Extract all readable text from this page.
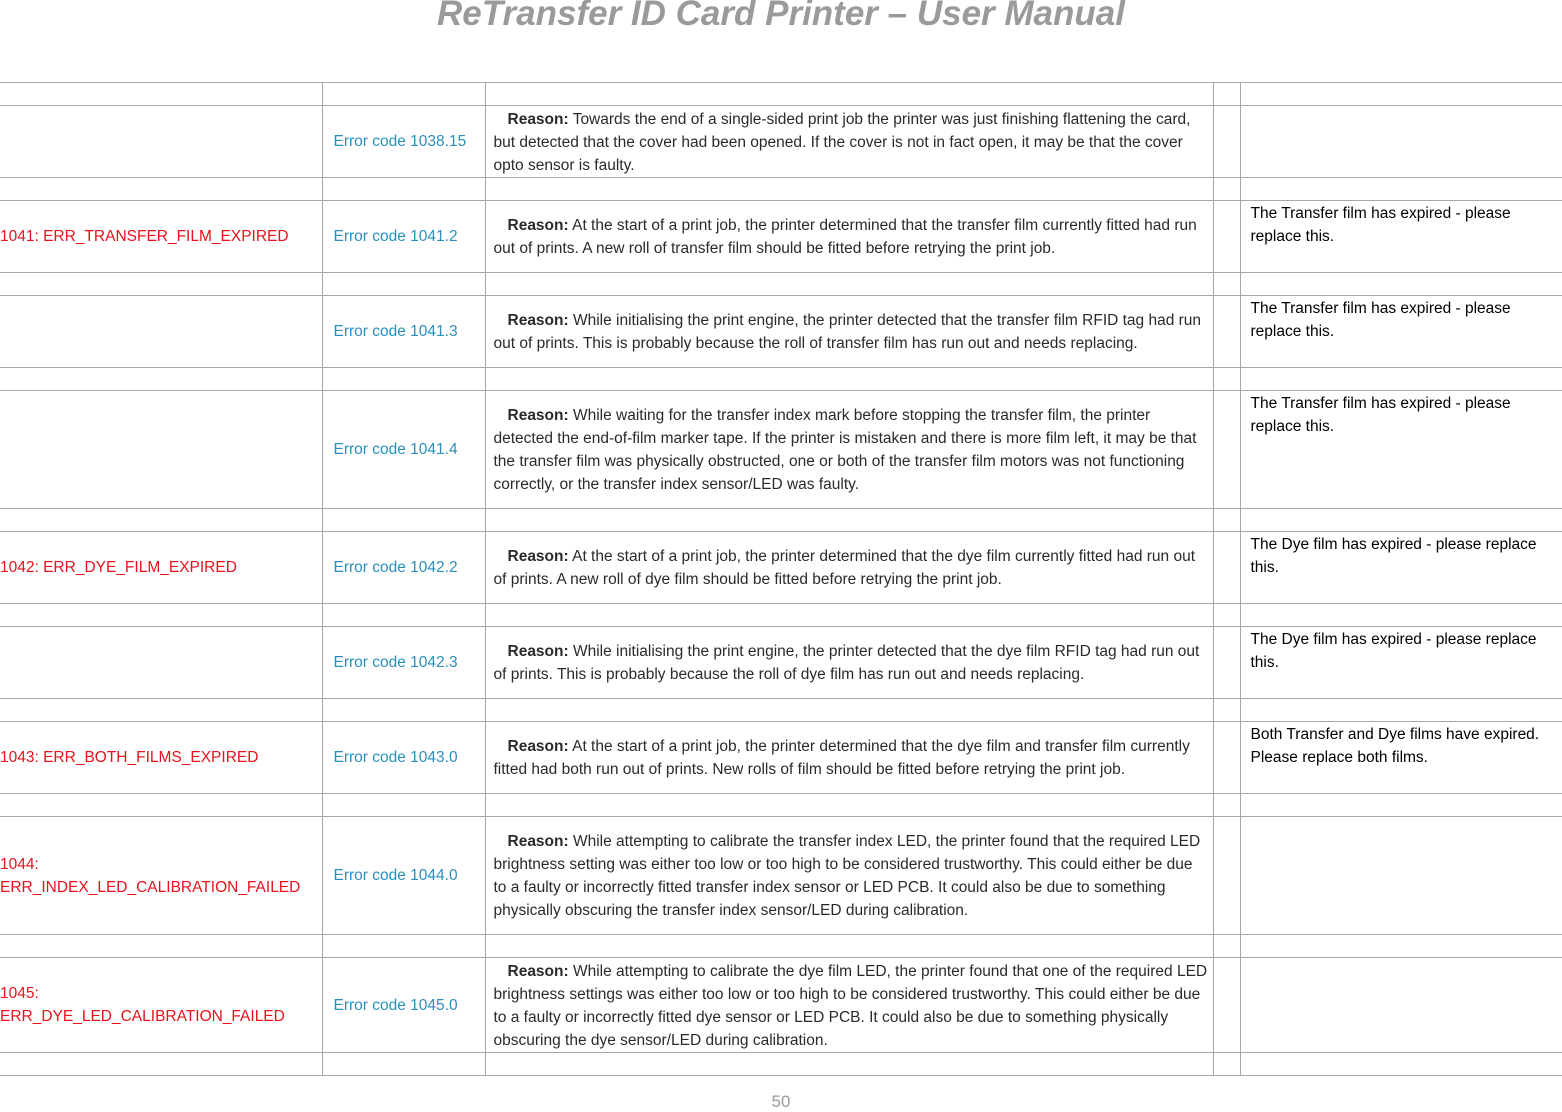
ReTransfer ID Card Printer – User Manual

	Error code 1038.15	Reason: Towards the end of a single-sided print job the printer was just finishing flattening the card, but detected that the cover had been opened. If the cover is not in fact open, it may be that the cover opto sensor is faulty.		

1041: ERR_TRANSFER_FILM_EXPIRED	Error code 1041.2	Reason: At the start of a print job, the printer determined that the transfer film currently fitted had run out of prints. A new roll of transfer film should be fitted before retrying the print job.		The Transfer film has expired - please replace this.

	Error code 1041.3	Reason: While initialising the print engine, the printer detected that the transfer film RFID tag had run out of prints. This is probably because the roll of transfer film has run out and needs replacing.		The Transfer film has expired - please replace this.

	Error code 1041.4	Reason: While waiting for the transfer index mark before stopping the transfer film, the printer detected the end-of-film marker tape. If the printer is mistaken and there is more film left, it may be that the transfer film was physically obstructed, one or both of the transfer film motors was not functioning correctly, or the transfer index sensor/LED was faulty.		The Transfer film has expired - please replace this.

1042: ERR_DYE_FILM_EXPIRED	Error code 1042.2	Reason: At the start of a print job, the printer determined that the dye film currently fitted had run out of prints. A new roll of dye film should be fitted before retrying the print job.		The Dye film has expired - please replace this.

	Error code 1042.3	Reason: While initialising the print engine, the printer detected that the dye film RFID tag had run out of prints. This is probably because the roll of dye film has run out and needs replacing.		The Dye film has expired - please replace this.

1043: ERR_BOTH_FILMS_EXPIRED	Error code 1043.0	Reason: At the start of a print job, the printer determined that the dye film and transfer film currently fitted had both run out of prints. New rolls of film should be fitted before retrying the print job.		Both Transfer and Dye films have expired. Please replace both films.

1044: ERR_INDEX_LED_CALIBRATION_FAILED	Error code 1044.0	Reason: While attempting to calibrate the transfer index LED, the printer found that the required LED brightness setting was either too low or too high to be considered trustworthy. This could either be due to a faulty or incorrectly fitted transfer index sensor or LED PCB. It could also be due to something physically obscuring the transfer index sensor/LED during calibration.		

1045: ERR_DYE_LED_CALIBRATION_FAILED	Error code 1045.0	Reason: While attempting to calibrate the dye film LED, the printer found that one of the required LED brightness settings was either too low or too high to be considered trustworthy. This could either be due to a faulty or incorrectly fitted dye sensor or LED PCB. It could also be due to something physically obscuring the dye sensor/LED during calibration.		

50
